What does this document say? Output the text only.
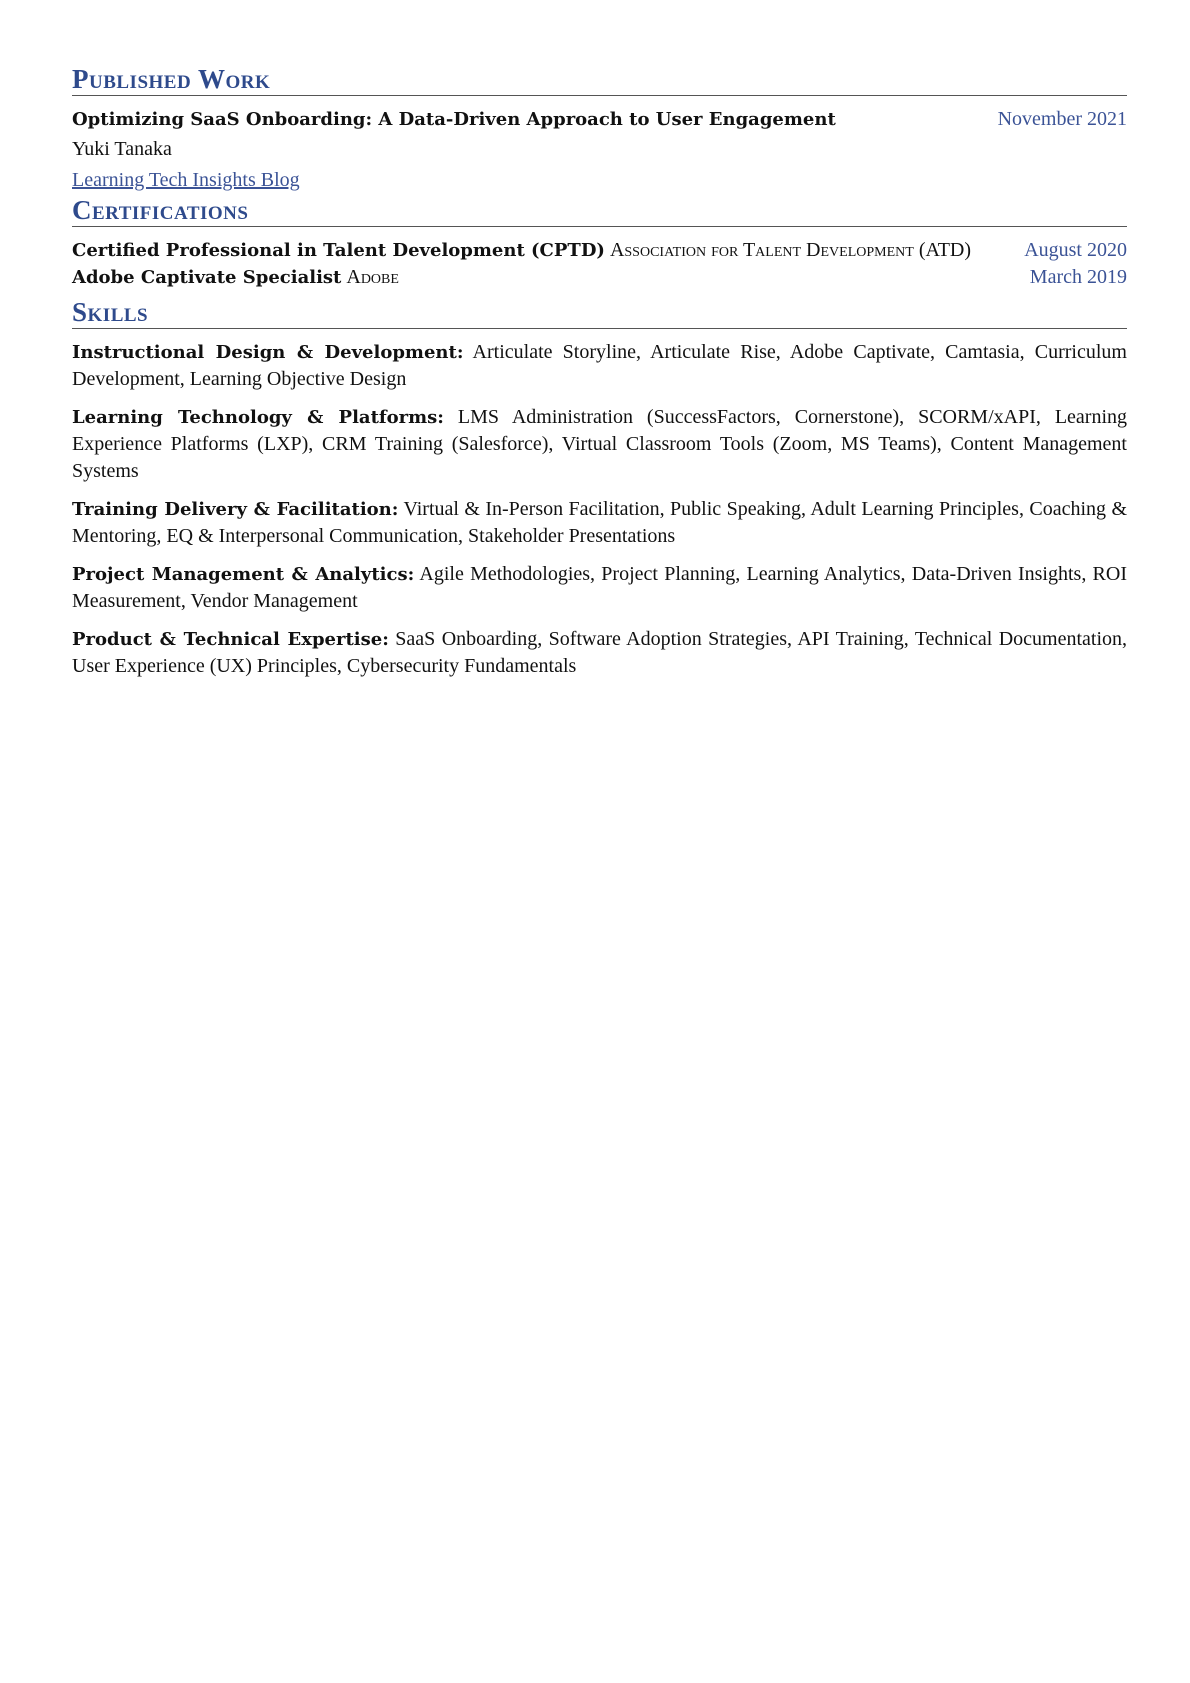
Published Work
Optimizing SaaS Onboarding: A Data-Driven Approach to User Engagement	November 2021
Yuki Tanaka
Learning Tech Insights Blog
Certifications
Certified Professional in Talent Development (CPTD) Association for Talent Development (ATD)	August 2020
Adobe Captivate Specialist Adobe	March 2019
Skills
Instructional Design & Development: Articulate Storyline, Articulate Rise, Adobe Captivate, Camtasia, Curriculum Development, Learning Objective Design
Learning Technology & Platforms: LMS Administration (SuccessFactors, Cornerstone), SCORM/xAPI, Learning Experience Platforms (LXP), CRM Training (Salesforce), Virtual Classroom Tools (Zoom, MS Teams), Content Management Systems
Training Delivery & Facilitation: Virtual & In-Person Facilitation, Public Speaking, Adult Learning Principles, Coaching & Mentoring, EQ & Interpersonal Communication, Stakeholder Presentations
Project Management & Analytics: Agile Methodologies, Project Planning, Learning Analytics, Data-Driven Insights, ROI Measurement, Vendor Management
Product & Technical Expertise: SaaS Onboarding, Software Adoption Strategies, API Training, Technical Documentation, User Experience (UX) Principles, Cybersecurity Fundamentals
